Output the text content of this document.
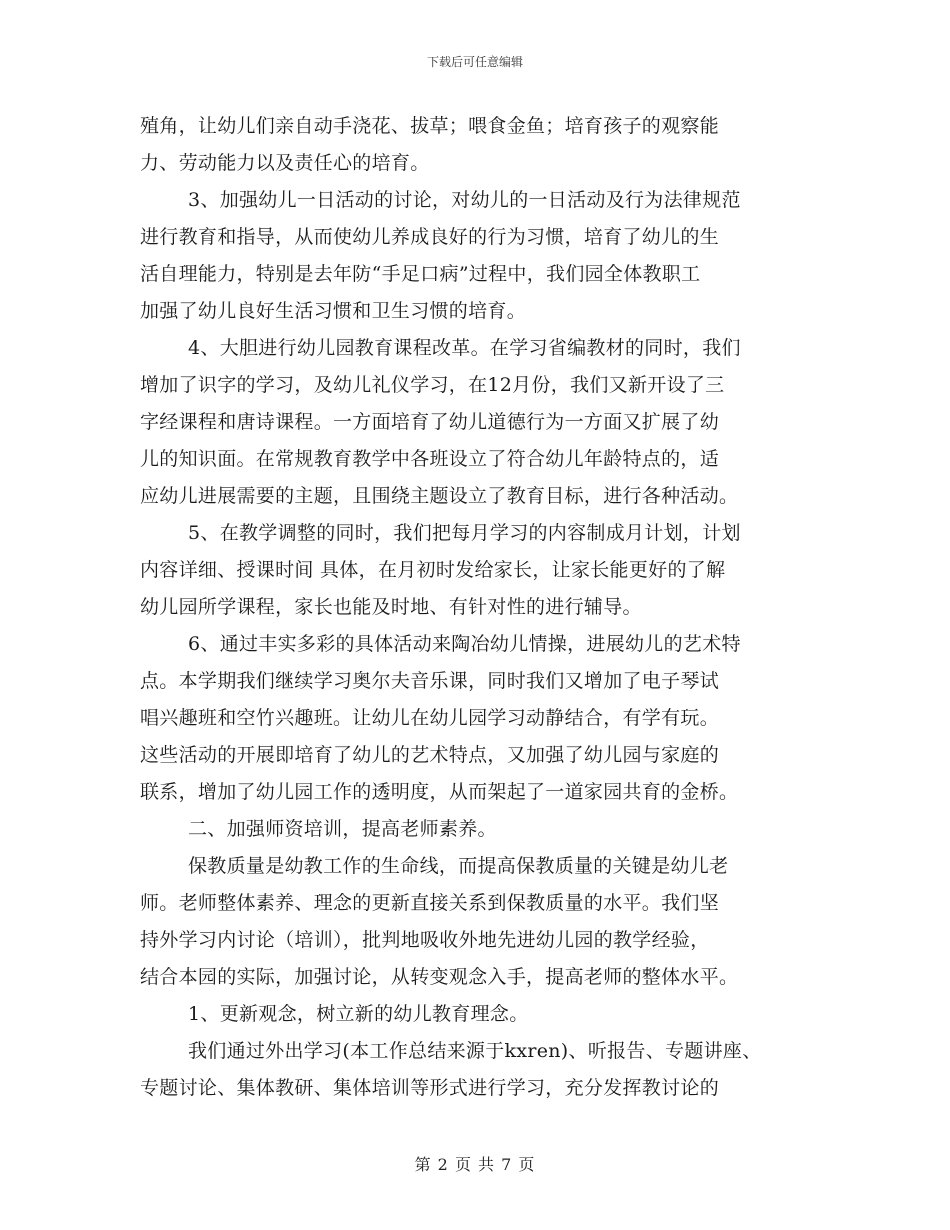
下载后可任意编辑
殖角，让幼儿们亲自动手浇花、拔草；喂食金鱼；培育孩子的观察能
力、劳动能力以及责任心的培育。
3、加强幼儿一日活动的讨论，对幼儿的一日活动及行为法律规范
进行教育和指导，从而使幼儿养成良好的行为习惯，培育了幼儿的生
活自理能力，特别是去年防“手足口病”过程中，我们园全体教职工
加强了幼儿良好生活习惯和卫生习惯的培育。
4、大胆进行幼儿园教育课程改革。在学习省编教材的同时，我们
增加了识字的学习，及幼儿礼仪学习，在12月份，我们又新开设了三
字经课程和唐诗课程。一方面培育了幼儿道德行为一方面又扩展了幼
儿的知识面。在常规教育教学中各班设立了符合幼儿年龄特点的，适
应幼儿进展需要的主题，且围绕主题设立了教育目标，进行各种活动。
5、在教学调整的同时，我们把每月学习的内容制成月计划，计划
内容详细、授课时间 具体，在月初时发给家长，让家长能更好的了解
幼儿园所学课程，家长也能及时地、有针对性的进行辅导。
6、通过丰实多彩的具体活动来陶冶幼儿情操，进展幼儿的艺术特
点。本学期我们继续学习奥尔夫音乐课，同时我们又增加了电子琴试
唱兴趣班和空竹兴趣班。让幼儿在幼儿园学习动静结合，有学有玩。
这些活动的开展即培育了幼儿的艺术特点，又加强了幼儿园与家庭的
联系，增加了幼儿园工作的透明度，从而架起了一道家园共育的金桥。
二、加强师资培训，提高老师素养。
保教质量是幼教工作的生命线，而提高保教质量的关键是幼儿老
师。老师整体素养、理念的更新直接关系到保教质量的水平。我们坚
持外学习内讨论（培训），批判地吸收外地先进幼儿园的教学经验，
结合本园的实际，加强讨论，从转变观念入手，提高老师的整体水平。
1、更新观念，树立新的幼儿教育理念。
我们通过外出学习(本工作总结来源于kxren)、听报告、专题讲座、
专题讨论、集体教研、集体培训等形式进行学习，充分发挥教讨论的
第 2 页 共 7 页
